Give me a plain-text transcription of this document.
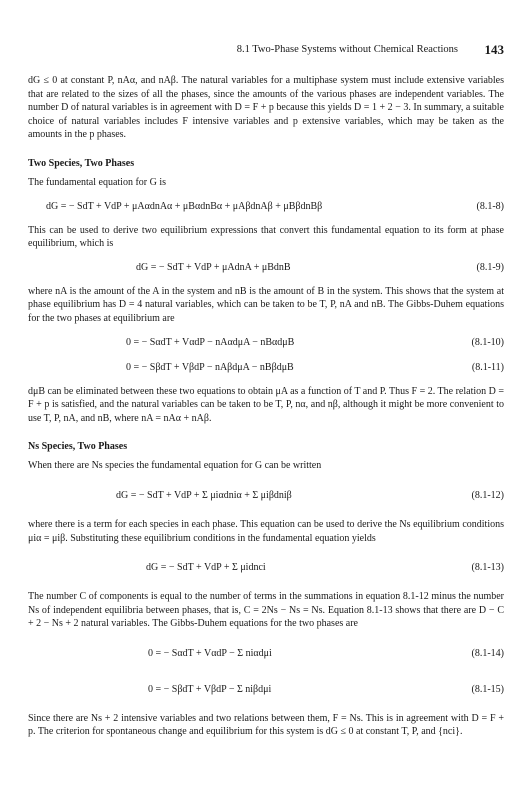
8.1 Two-Phase Systems without Chemical Reactions 143

dG ≤ 0 at constant P, nAα, and nAβ. The natural variables for a multiphase system must include extensive variables that are related to the sizes of all the phases, since the amounts of the various phases are independent variables. The number D of natural variables is in agreement with D = F + p because this yields D = 1 + 2 − 3. In summary, a suitable choice of natural variables includes F intensive variables and p extensive variables, which may be taken as the amounts in the p phases.

Two Species, Two Phases

The fundamental equation for G is

dG = − SdT + VdP + μAαdnAα + μBαdnBα + μAβdnAβ + μBβdnBβ	(8.1-8)

This can be used to derive two equilibrium expressions that convert this fundamental equation to its form at phase equilibrium, which is

dG = − SdT + VdP + μAdnA + μBdnB	(8.1-9)

where nA is the amount of the A in the system and nB is the amount of B in the system. This shows that the system at phase equilibrium has D = 4 natural variables, which can be taken to be T, P, nA and nB. The Gibbs-Duhem equations for the two phases at equilibrium are

0 = − SαdT + VαdP − nAαdμA − nBαdμB	(8.1-10)
0 = − SβdT + VβdP − nAβdμA − nBβdμB	(8.1-11)

dμB can be eliminated between these two equations to obtain μA as a function of T and P. Thus F = 2. The relation D = F + p is satisfied, and the natural variables can be taken to be T, P, nα, and nβ, although it might be more convenient to use T, P, nA, and nB, where nA = nAα + nAβ.

Ns Species, Two Phases

When there are Ns species the fundamental equation for G can be written

dG = − SdT + VdP + Σ μiαdniα + Σ μiβdniβ	(8.1-12)

where there is a term for each species in each phase. This equation can be used to derive the Ns equilibrium conditions μiα = μiβ. Substituting these equilibrium conditions in the fundamental equation yields

dG = − SdT + VdP + Σ μidnci	(8.1-13)

The number C of components is equal to the number of terms in the summations in equation 8.1-12 minus the number Ns of independent equilibria between phases, that is, C = 2Ns − Ns = Ns. Equation 8.1-13 shows that there are D − C + 2 − Ns + 2 natural variables. The Gibbs-Duhem equations for the two phases are

0 = − SαdT + VαdP − Σ niαdμi	(8.1-14)
0 = − SβdT + VβdP − Σ niβdμi	(8.1-15)

Since there are Ns + 2 intensive variables and two relations between them, F = Ns. This is in agreement with D = F + p. The criterion for spontaneous change and equilibrium for this system is dG ≤ 0 at constant T, P, and {nci}.
